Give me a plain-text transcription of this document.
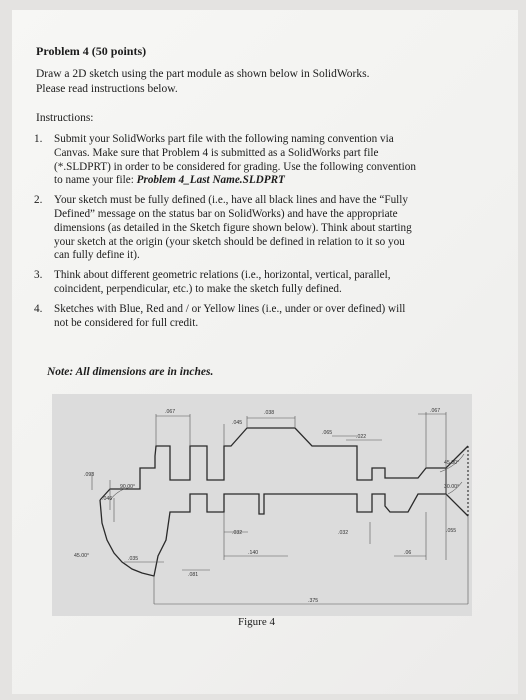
Problem 4 (50 points)
Draw a 2D sketch using the part module as shown below in SolidWorks.
Please read instructions below.
Instructions:
1. Submit your SolidWorks part file with the following naming convention via
Canvas. Make sure that Problem 4 is submitted as a SolidWorks part file
(*.SLDPRT) in order to be considered for grading. Use the following convention
to name your file: Problem 4_Last Name.SLDPRT
2. Your sketch must be fully defined (i.e., have all black lines and have the “Fully
Defined” message on the status bar on SolidWorks) and have the appropriate
dimensions (as detailed in the Sketch figure shown below). Think about starting
your sketch at the origin (your sketch should be defined in relation to it so you
can fully define it).
3. Think about different geometric relations (i.e., horizontal, vertical, parallel,
coincident, perpendicular, etc.) to make the sketch fully defined.
4. Sketches with Blue, Red and / or Yellow lines (i.e., under or over defined) will
not be considered for full credit.
Note: All dimensions are in inches.
.067
.045
.038
.065
.022
.067
.093
90.00°
.046
45.00°
30.00°
.032
.140
.032	.055
45.00°	.035
.06
.081
.375
Figure 4
